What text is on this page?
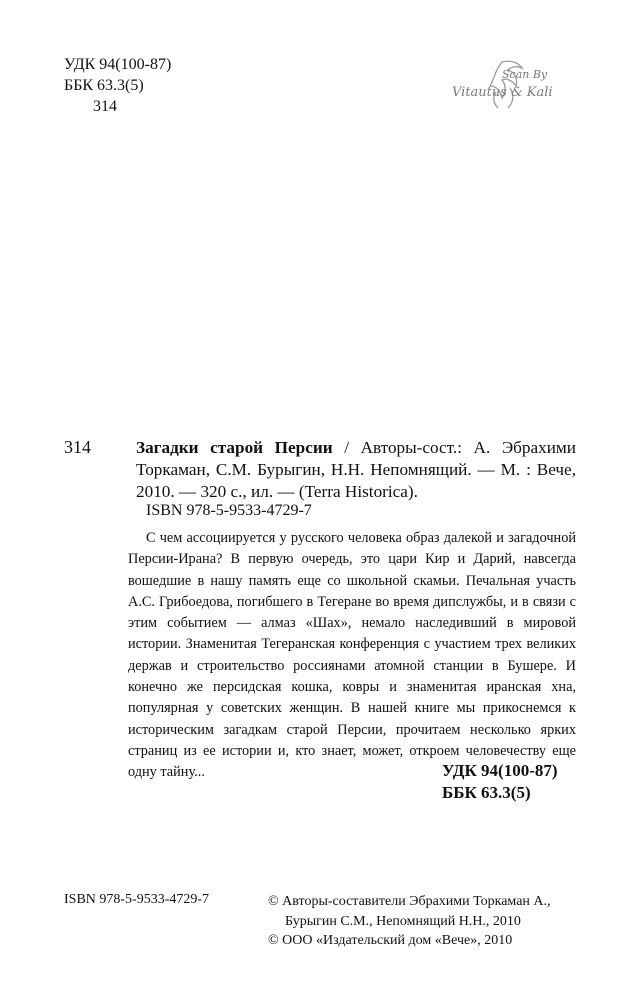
УДК 94(100-87)
ББК 63.3(5)
314
Scan By
Vitautus & Kali
314	Загадки старой Персии / Авторы-сост.: А. Эбрахими Торкаман, С.М. Бурыгин, Н.Н. Непомнящий. — М. : Вече, 2010. — 320 с., ил. — (Terra Historica).

ISBN 978-5-9533-4729-7

С чем ассоциируется у русского человека образ далекой и загадочной Персии-Ирана? В первую очередь, это цари Кир и Дарий, навсегда вошедшие в нашу память еще со школьной скамьи. Печальная участь А.С. Грибоедова, погибшего в Тегеране во время дипслужбы, и в связи с этим событием — алмаз «Шах», немало наследивший в мировой истории. Знаменитая Тегеранская конференция с участием трех великих держав и строительство россиянами атомной станции в Бушере. И конечно же персидская кошка, ковры и знаменитая иранская хна, популярная у советских женщин. В нашей книге мы прикоснемся к историческим загадкам старой Персии, прочитаем несколько ярких страниц из ее истории и, кто знает, может, откроем человечеству еще одну тайну...	УДК 94(100-87)
ББК 63.3(5)
ISBN 978-5-9533-4729-7	© Авторы-составители Эбрахими Торкаман А.,
Бурыгин С.М., Непомнящий Н.Н., 2010
© ООО «Издательский дом «Вече», 2010
